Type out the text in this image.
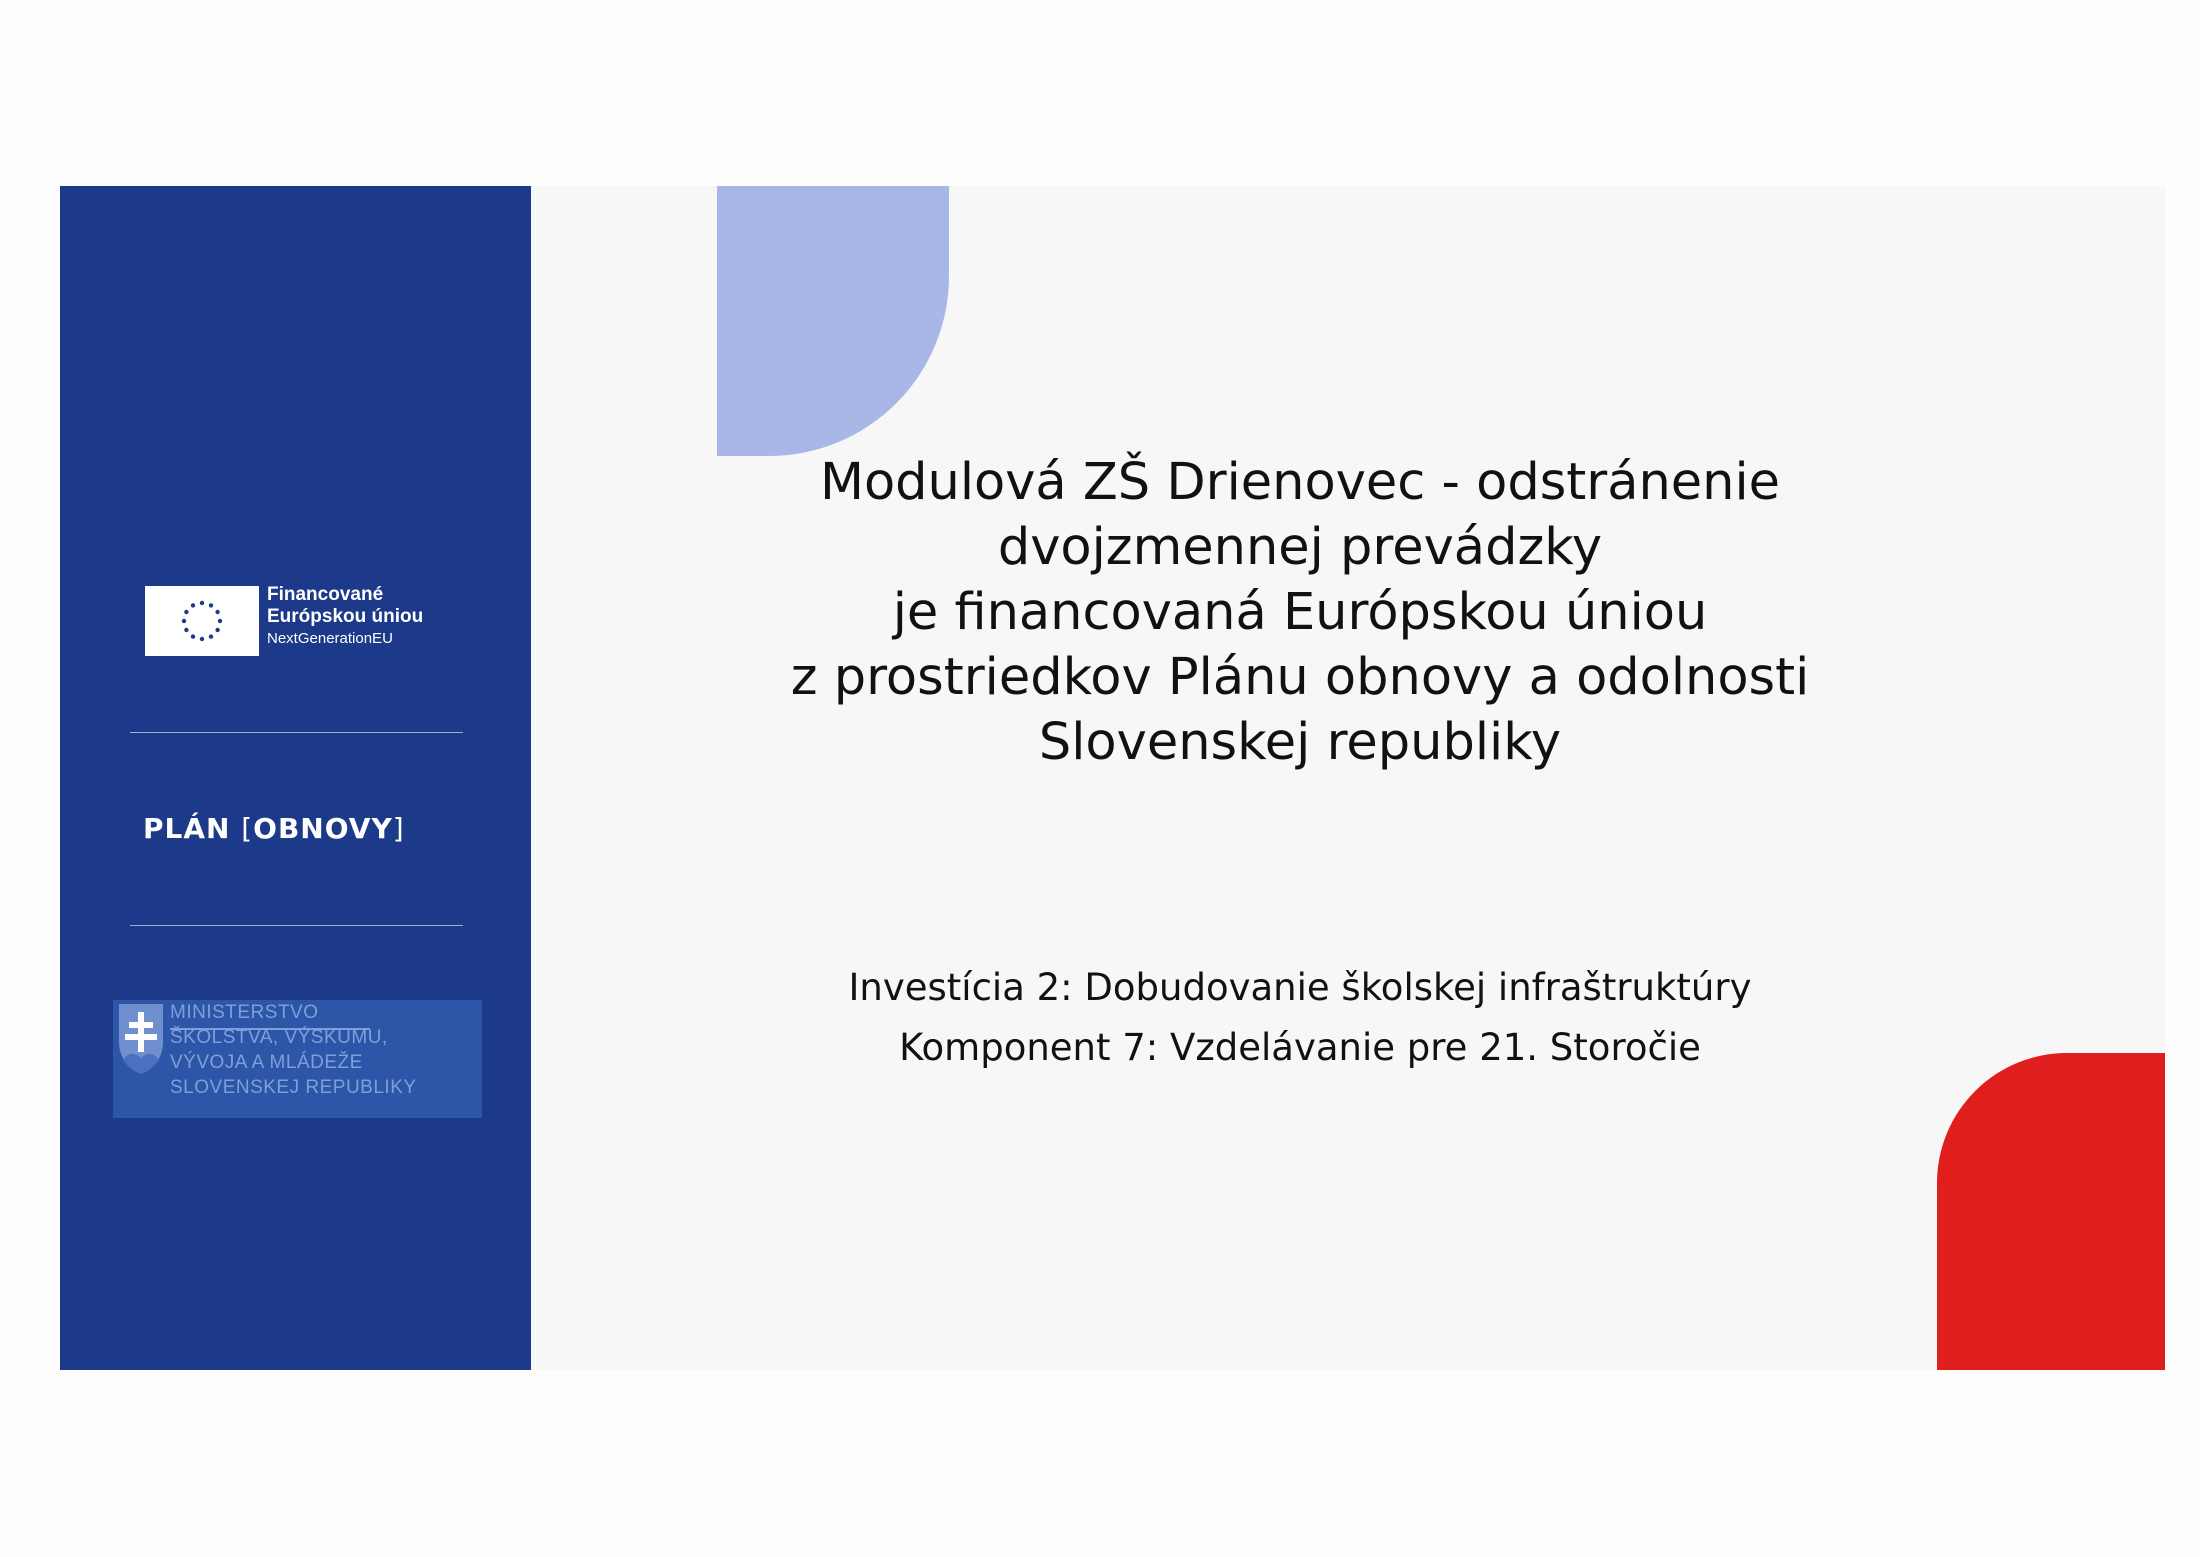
Financované
Európskou úniou
NextGenerationEU
PLÁN [OBNOVY]
MINISTERSTVO
ŠKOLSTVA, VÝSKUMU,
VÝVOJA A MLÁDEŽE
SLOVENSKEJ REPUBLIKY
Modulová ZŠ Drienovec - odstránenie
dvojzmennej prevádzky
je financovaná Európskou úniou
z prostriedkov Plánu obnovy a odolnosti
Slovenskej republiky
Investícia 2: Dobudovanie školskej infraštruktúry
Komponent 7: Vzdelávanie pre 21. Storočie
